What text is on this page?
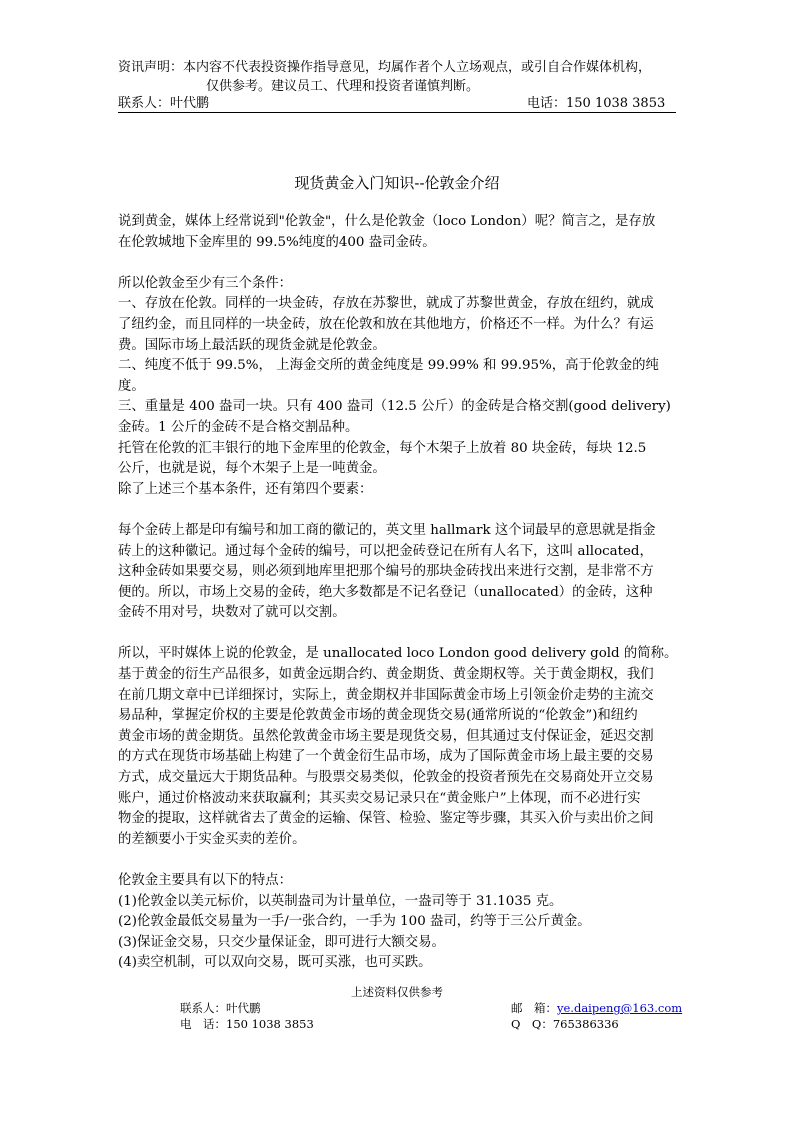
资讯声明：本内容不代表投资操作指导意见，均属作者个人立场观点，或引自合作媒体机构，
仅供参考。建议员工、代理和投资者谨慎判断。
联系人：叶代鹏	电话：150 1038 3853
现货黄金入门知识--伦敦金介绍

说到黄金，媒体上经常说到"伦敦金"，什么是伦敦金（loco London）呢？简言之，是存放

在伦敦城地下金库里的 99.5%纯度的400 盎司金砖。

所以伦敦金至少有三个条件：

一、存放在伦敦。同样的一块金砖，存放在苏黎世，就成了苏黎世黄金，存放在纽约，就成

了纽约金，而且同样的一块金砖，放在伦敦和放在其他地方，价格还不一样。为什么？有运

费。国际市场上最活跃的现货金就是伦敦金。

二、纯度不低于 99.5%， 上海金交所的黄金纯度是 99.99% 和 99.95%，高于伦敦金的纯度。

三、重量是 400 盎司一块。只有 400 盎司（12.5 公斤）的金砖是合格交割(good delivery)

金砖。1 公斤的金砖不是合格交割品种。

托管在伦敦的汇丰银行的地下金库里的伦敦金，每个木架子上放着 80 块金砖，每块 12.5

公斤，也就是说，每个木架子上是一吨黄金。

除了上述三个基本条件，还有第四个要素：

每个金砖上都是印有编号和加工商的徽记的，英文里 hallmark 这个词最早的意思就是指金

砖上的这种徽记。通过每个金砖的编号，可以把金砖登记在所有人名下，这叫 allocated，

这种金砖如果要交易，则必须到地库里把那个编号的那块金砖找出来进行交割，是非常不方

便的。所以，市场上交易的金砖，绝大多数都是不记名登记（unallocated）的金砖，这种

金砖不用对号，块数对了就可以交割。

所以，平时媒体上说的伦敦金，是 unallocated loco London good delivery gold 的简称。

基于黄金的衍生产品很多，如黄金远期合约、黄金期货、黄金期权等。关于黄金期权，我们

在前几期文章中已详细探讨，实际上，黄金期权并非国际黄金市场上引领金价走势的主流交

易品种，掌握定价权的主要是伦敦黄金市场的黄金现货交易(通常所说的“伦敦金”)和纽约

黄金市场的黄金期货。虽然伦敦黄金市场主要是现货交易，但其通过支付保证金，延迟交割

的方式在现货市场基础上构建了一个黄金衍生品市场，成为了国际黄金市场上最主要的交易

方式，成交量远大于期货品种。与股票交易类似，伦敦金的投资者预先在交易商处开立交易

账户，通过价格波动来获取赢利；其买卖交易记录只在“黄金账户”上体现，而不必进行实

物金的提取，这样就省去了黄金的运输、保管、检验、鉴定等步骤，其买入价与卖出价之间

的差额要小于实金买卖的差价。

伦敦金主要具有以下的特点：

(1)伦敦金以美元标价，以英制盎司为计量单位，一盎司等于 31.1035 克。

(2)伦敦金最低交易量为一手/一张合约，一手为 100 盎司，约等于三公斤黄金。

(3)保证金交易，只交少量保证金，即可进行大额交易。

(4)卖空机制，可以双向交易，既可买涨，也可买跌。

上述资料仅供参考
联系人：叶代鹏
电　话：150 1038 3853
邮　箱：ye.daipeng@163.com
Q　Q：765386336
